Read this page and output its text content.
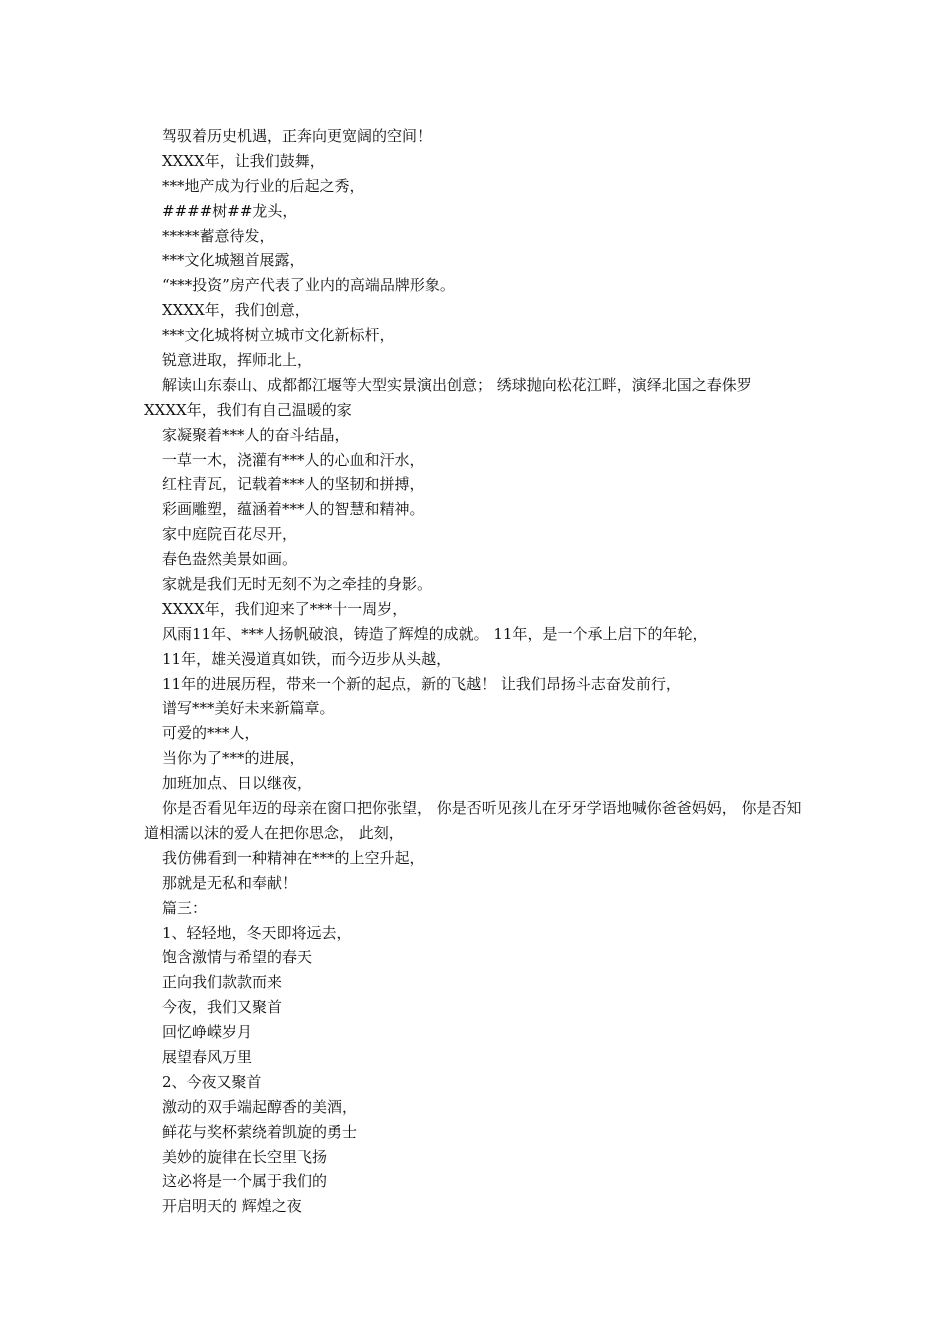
驾驭着历史机遇，正奔向更宽阔的空间！
XXXX年，让我们鼓舞，
***地产成为行业的后起之秀，
####树##龙头，
*****蓄意待发，
***文化城翘首展露，
“***投资”房产代表了业内的高端品牌形象。
XXXX年，我们创意，
***文化城将树立城市文化新标杆，
锐意进取，挥师北上，
解读山东泰山、成都都江堰等大型实景演出创意； 绣球抛向松花江畔，演绎北国之春侏罗
XXXX年，我们有自己温暖的家
家凝聚着***人的奋斗结晶，
一草一木，浇灌有***人的心血和汗水，
红柱青瓦，记载着***人的坚韧和拼搏，
彩画雕塑，蕴涵着***人的智慧和精神。
家中庭院百花尽开，
春色盎然美景如画。
家就是我们无时无刻不为之牵挂的身影。
XXXX年，我们迎来了***十一周岁，
风雨11年、***人扬帆破浪，铸造了辉煌的成就。 11年，是一个承上启下的年轮，
11年，雄关漫道真如铁，而今迈步从头越，
11年的进展历程，带来一个新的起点，新的飞越！ 让我们昂扬斗志奋发前行，
谱写***美好未来新篇章。
可爱的***人，
当你为了***的进展，
加班加点、日以继夜，
你是否看见年迈的母亲在窗口把你张望， 你是否听见孩儿在牙牙学语地喊你爸爸妈妈， 你是否知道相濡以沫的爱人在把你思念， 此刻，
我仿佛看到一种精神在***的上空升起，
那就是无私和奉献！
篇三：
1、轻轻地，冬天即将远去，
饱含激情与希望的春天
正向我们款款而来
今夜，我们又聚首
回忆峥嵘岁月
展望春风万里
2、今夜又聚首
激动的双手端起醇香的美酒，
鲜花与奖杯萦绕着凯旋的勇士
美妙的旋律在长空里飞扬
这必将是一个属于我们的
开启明天的 辉煌之夜
